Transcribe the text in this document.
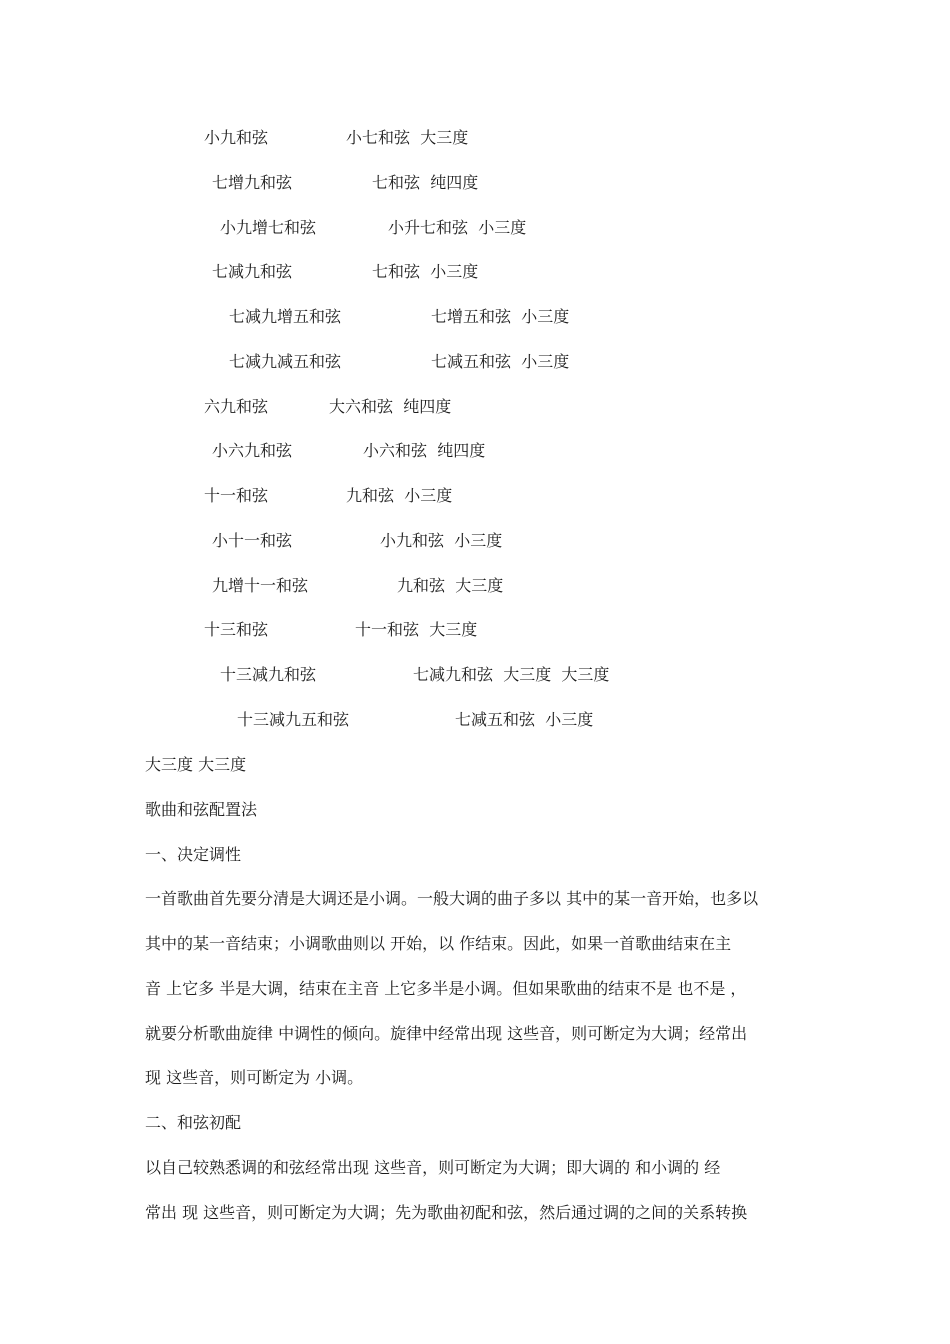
小九和弦	小七和弦 大三度
七增九和弦	七和弦 纯四度
小九增七和弦	小升七和弦 小三度
七减九和弦	七和弦 小三度
七减九增五和弦	七增五和弦 小三度
七减九减五和弦	七减五和弦 小三度
六九和弦	大六和弦 纯四度
小六九和弦	小六和弦 纯四度
十一和弦	九和弦 小三度
小十一和弦	小九和弦 小三度
九增十一和弦	九和弦 大三度
十三和弦	十一和弦 大三度
十三减九和弦	七减九和弦 大三度  大三度
十三减九五和弦	七减五和弦 小三度
大三度 大三度
歌曲和弦配置法
一、决定调性
一首歌曲首先要分清是大调还是小调。一般大调的曲子多以 其中的某一音开始，也多以
其中的某一音结束；小调歌曲则以 开始，以 作结束。因此，如果一首歌曲结束在主
音 上它多 半是大调，结束在主音 上它多半是小调。但如果歌曲的结束不是 也不是 ，
就要分析歌曲旋律 中调性的倾向。旋律中经常出现 这些音，则可断定为大调；经常出
现 这些音，则可断定为 小调。
二、和弦初配
以自己较熟悉调的和弦经常出现 这些音，则可断定为大调；即大调的 和小调的 经
常出 现 这些音，则可断定为大调；先为歌曲初配和弦，然后通过调的之间的关系转换
